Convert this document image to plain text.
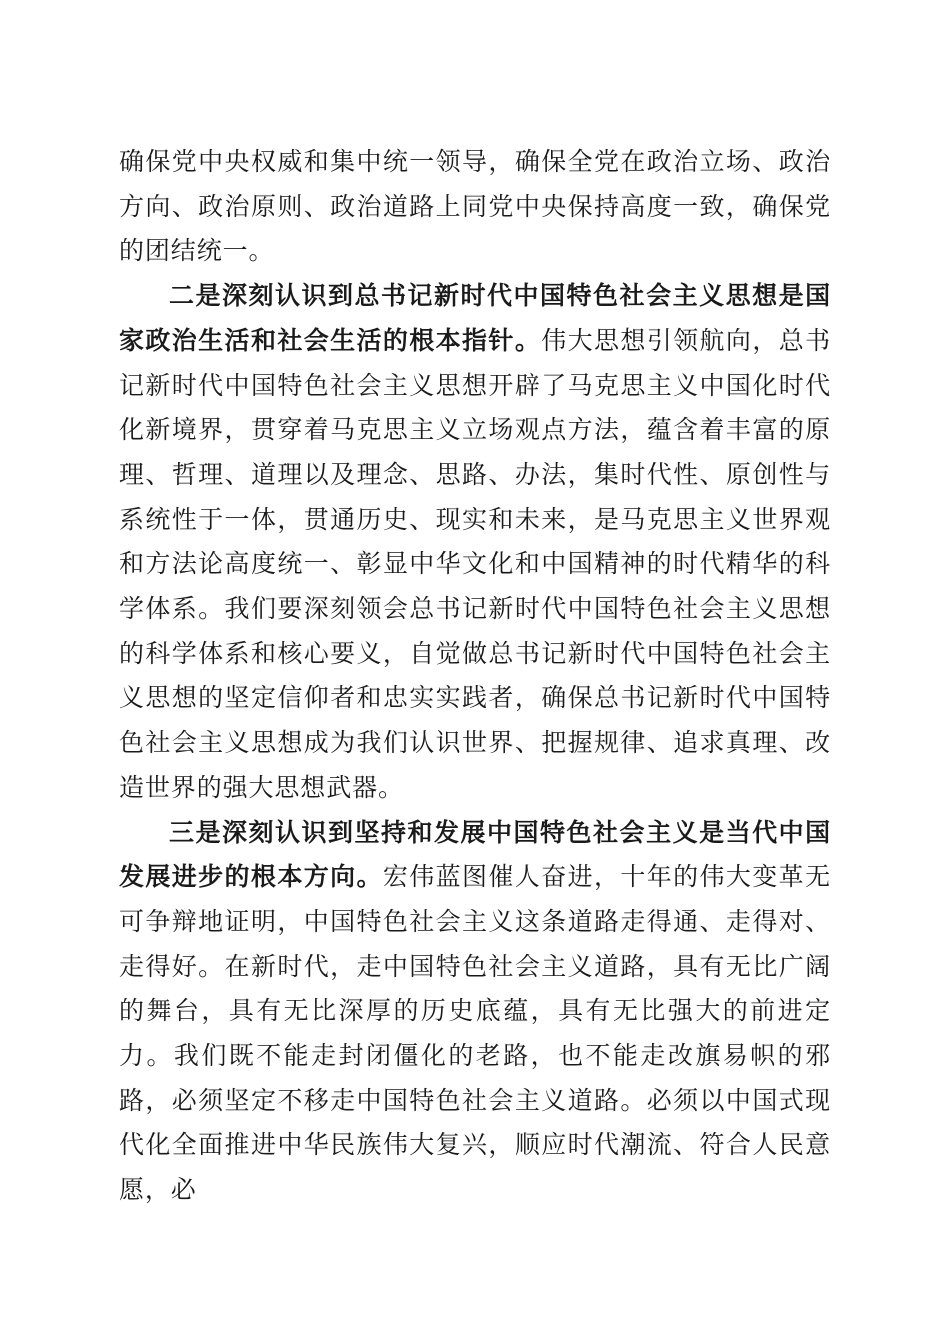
确保党中央权威和集中统一领导，确保全党在政治立场、政治方向、政治原则、政治道路上同党中央保持高度一致，确保党的团结统一。

二是深刻认识到总书记新时代中国特色社会主义思想是国家政治生活和社会生活的根本指针。伟大思想引领航向，总书记新时代中国特色社会主义思想开辟了马克思主义中国化时代化新境界，贯穿着马克思主义立场观点方法，蕴含着丰富的原理、哲理、道理以及理念、思路、办法，集时代性、原创性与系统性于一体，贯通历史、现实和未来，是马克思主义世界观和方法论高度统一、彰显中华文化和中国精神的时代精华的科学体系。我们要深刻领会总书记新时代中国特色社会主义思想的科学体系和核心要义，自觉做总书记新时代中国特色社会主义思想的坚定信仰者和忠实实践者，确保总书记新时代中国特色社会主义思想成为我们认识世界、把握规律、追求真理、改造世界的强大思想武器。

三是深刻认识到坚持和发展中国特色社会主义是当代中国发展进步的根本方向。宏伟蓝图催人奋进，十年的伟大变革无可争辩地证明，中国特色社会主义这条道路走得通、走得对、走得好。在新时代，走中国特色社会主义道路，具有无比广阔的舞台，具有无比深厚的历史底蕴，具有无比强大的前进定力。我们既不能走封闭僵化的老路，也不能走改旗易帜的邪路，必须坚定不移走中国特色社会主义道路。必须以中国式现代化全面推进中华民族伟大复兴，顺应时代潮流、符合人民意愿，必
